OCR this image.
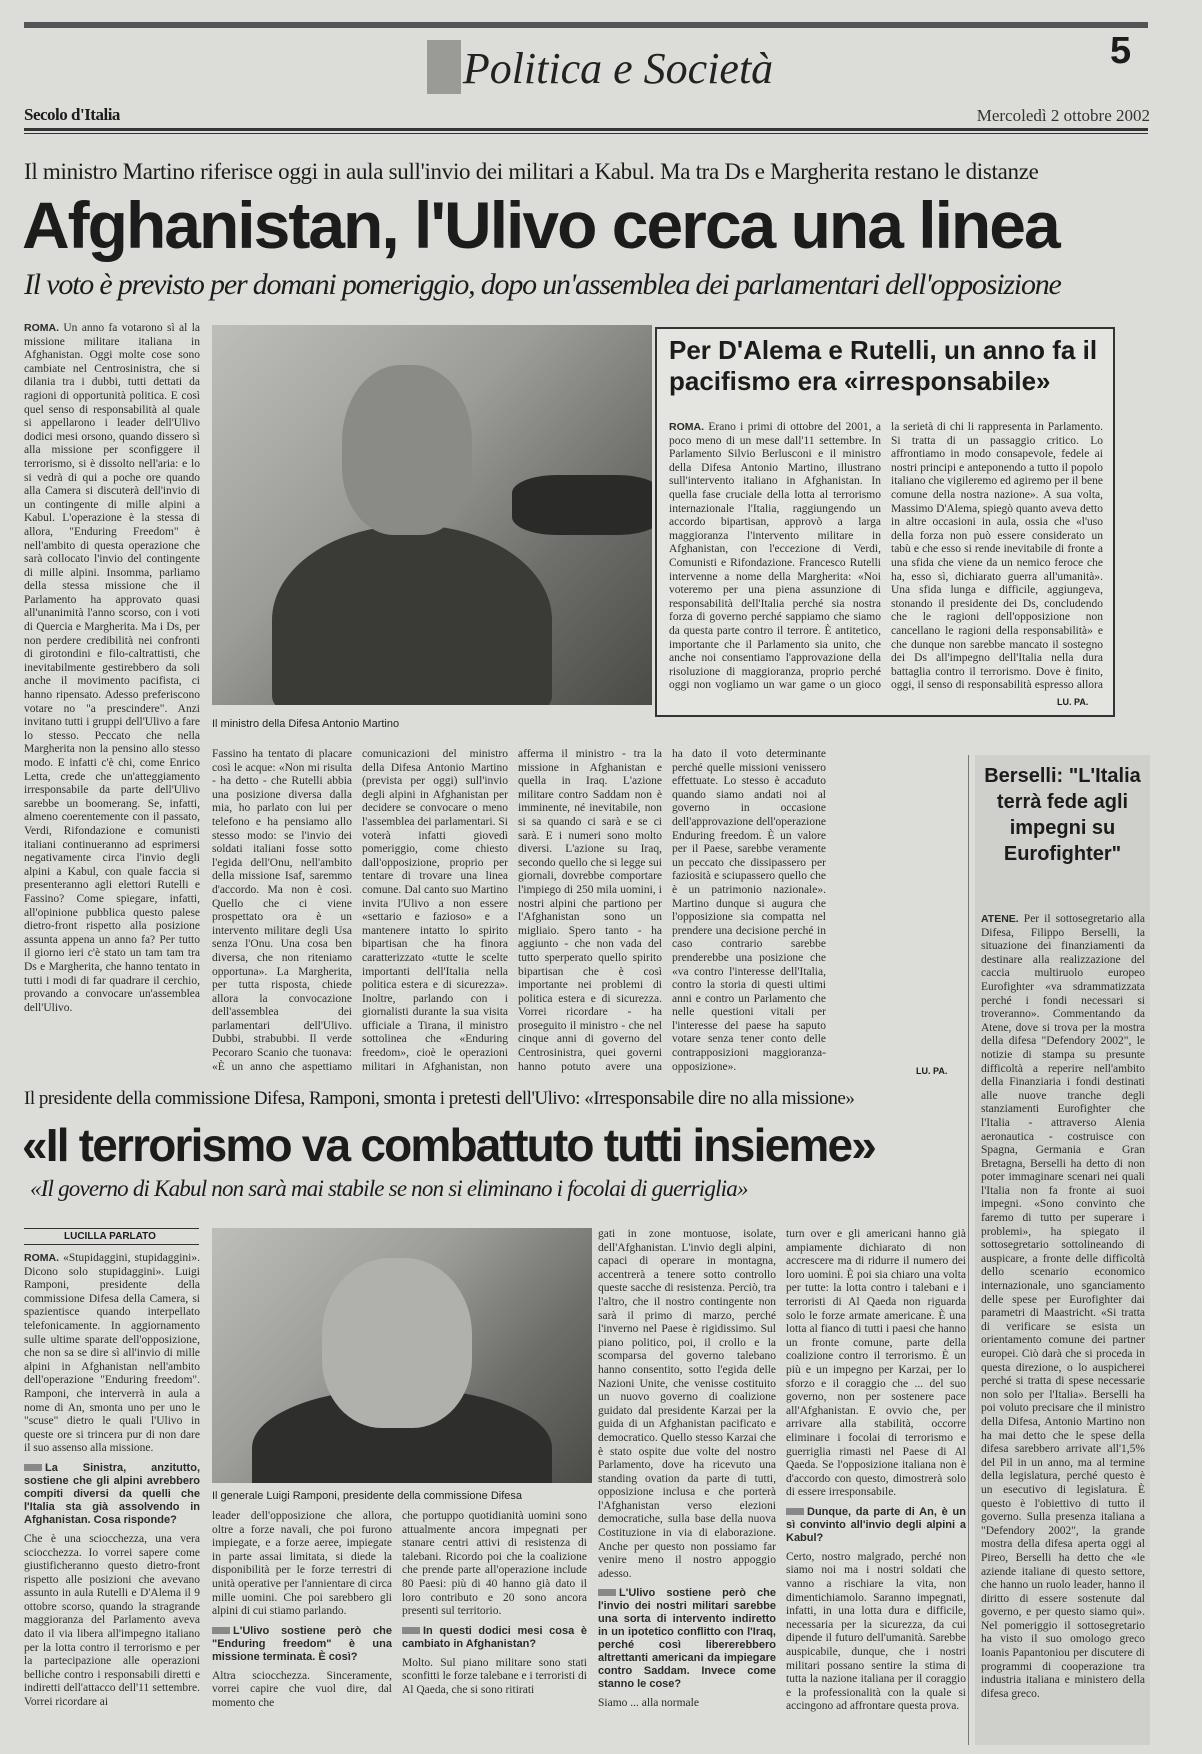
Politica e Società	5
Secolo d'Italia	Mercoledì 2 ottobre 2002
Il ministro Martino riferisce oggi in aula sull'invio dei militari a Kabul. Ma tra Ds e Margherita restano le distanze
Afghanistan, l'Ulivo cerca una linea
Il voto è previsto per domani pomeriggio, dopo un'assemblea dei parlamentari dell'opposizione
ROMA. Un anno fa votarono sì al la missione militare italiana in Afghanistan. Oggi molte cose sono cambiate nel Centrosinistra, che si dilania tra i dubbi, tutti dettati da ragioni di opportunità politica. E così quel senso di responsabilità al quale si appellarono i leader dell'Ulivo dodici mesi orsono, quando dissero sì alla missione per sconfiggere il terrorismo, si è dissolto nell'aria: e lo si vedrà di qui a poche ore quando alla Camera si discuterà dell'invio di un contingente di mille alpini a Kabul. L'operazione è la stessa di allora, "Enduring Freedom" è nell'ambito di questa operazione che sarà collocato l'invio del contingente di mille alpini. Insomma, parliamo della stessa missione che il Parlamento ha approvato quasi all'unanimità l'anno scorso, con i voti di Quercia e Margherita. Ma i Ds, per non perdere credibilità nei confronti di girotondini e filo-caltrattisti, che inevitabilmente gestirebbero da soli anche il movimento pacifista, ci hanno ripensato. Adesso preferiscono votare no "a prescindere". Anzi invitano tutti i gruppi dell'Ulivo a fare lo stesso. Peccato che nella Margherita non la pensino allo stesso modo. E infatti c'è chi, come Enrico Letta, crede che un'atteggiamento irresponsabile da parte dell'Ulivo sarebbe un boomerang. Se, infatti, almeno coerentemente con il passato, Verdi, Rifondazione e comunisti italiani continueranno ad esprimersi negativamente circa l'invio degli alpini a Kabul, con quale faccia si presenteranno agli elettori Rutelli e Fassino? Come spiegare, infatti, all'opinione pubblica questo palese dietro-front rispetto alla posizione assunta appena un anno fa? Per tutto il giorno ieri c'è stato un tam tam tra Ds e Margherita, che hanno tentato in tutti i modi di far quadrare il cerchio, provando a convocare un'assemblea dell'Ulivo.
Il ministro della Difesa Antonio Martino
Per D'Alema e Rutelli, un anno fa il pacifismo era «irresponsabile»
ROMA. Erano i primi di ottobre del 2001, a poco meno di un mese dall'11 settembre. In Parlamento Silvio Berlusconi e il ministro della Difesa Antonio Martino, illustrano sull'intervento italiano in Afghanistan. In quella fase cruciale della lotta al terrorismo internazionale l'Italia, raggiungendo un accordo bipartisan, approvò a larga maggioranza l'intervento militare in Afghanistan, con l'eccezione di Verdi, Comunisti e Rifondazione. Francesco Rutelli intervenne a nome della Margherita: «Noi voteremo per una piena assunzione di responsabilità dell'Italia perché sia nostra forza di governo perché sappiamo che siamo da questa parte contro il terrore. È antitetico, importante che il Parlamento sia unito, che anche noi consentiamo l'approvazione della risoluzione di maggioranza, proprio perché oggi non vogliamo un war game o un gioco
la serietà di chi li rappresenta in Parlamento. Si tratta di un passaggio critico. Lo affrontiamo in modo consapevole, fedele ai nostri principi e anteponendo a tutto il popolo italiano che vigileremo ed agiremo per il bene comune della nostra nazione». A sua volta, Massimo D'Alema, spiegò quanto aveva detto in altre occasioni in aula, ossia che «l'uso della forza non può essere considerato un tabù e che esso si rende inevitabile di fronte a una sfida che viene da un nemico feroce che ha, esso sì, dichiarato guerra all'umanità». Una sfida lunga e difficile, aggiungeva, stonando il presidente dei Ds, concludendo che le ragioni dell'opposizione non cancellano le ragioni della responsabilità» e che dunque non sarebbe mancato il sostegno dei Ds all'impegno dell'Italia nella dura battaglia contro il terrorismo. Dove è finito, oggi, il senso di responsabilità espresso allora
LU. PA.
Fassino ha tentato di placare così le acque: «Non mi risulta - ha detto - che Rutelli abbia una posizione diversa dalla mia, ho parlato con lui per telefono e ha pensiamo allo stesso modo: se l'invio dei soldati italiani fosse sotto l'egida dell'Onu, nell'ambito della missione Isaf, saremmo d'accordo. Ma non è così. Quello che ci viene prospettato ora è un intervento militare degli Usa senza l'Onu. Una cosa ben diversa, che non riteniamo opportuna». La Margherita, per tutta risposta, chiede allora la convocazione dell'assemblea dei parlamentari dell'Ulivo. Dubbi, strabubbi. Il verde Pecoraro Scanio che tuonava: «È un anno che aspettiamo
comunicazioni del ministro della Difesa Antonio Martino (prevista per oggi) sull'invio degli alpini in Afghanistan per decidere se convocare o meno l'assemblea dei parlamentari. Si voterà infatti giovedì pomeriggio, come chiesto dall'opposizione, proprio per tentare di trovare una linea comune. Dal canto suo Martino invita l'Ulivo a non essere «settario e fazioso» e a mantenere intatto lo spirito bipartisan che ha finora caratterizzato «tutte le scelte importanti dell'Italia nella politica estera e di sicurezza». Inoltre, parlando con i giornalisti durante la sua visita ufficiale a Tirana, il ministro sottolinea che «Enduring freedom», cioè le operazioni militari in Afghanistan, non
afferma il ministro - tra la missione in Afghanistan e quella in Iraq. L'azione militare contro Saddam non è imminente, né inevitabile, non si sa quando ci sarà e se ci sarà. E i numeri sono molto diversi. L'azione su Iraq, secondo quello che si legge sui giornali, dovrebbe comportare l'impiego di 250 mila uomini, i nostri alpini che partiono per l'Afghanistan sono un migliaio. Spero tanto - ha aggiunto - che non vada del tutto sperperato quello spirito bipartisan che è così importante nei problemi di politica estera e di sicurezza. Vorrei ricordare - ha proseguito il ministro - che nel cinque anni di governo del Centrosinistra, quei governi hanno potuto avere una
ha dato il voto determinante perché quelle missioni venissero effettuate. Lo stesso è accaduto quando siamo andati noi al governo in occasione dell'approvazione dell'operazione Enduring freedom. È un valore per il Paese, sarebbe veramente un peccato che dissipassero per faziosità e sciupassero quello che è un patrimonio nazionale». Martino dunque si augura che l'opposizione sia compatta nel prendere una decisione perché in caso contrario sarebbe prenderebbe una posizione che «va contro l'interesse dell'Italia, contro la storia di questi ultimi anni e contro un Parlamento che nelle questioni vitali per l'interesse del paese ha saputo votare senza tener conto delle contrapposizioni maggioranza-opposizione».	LU. PA.
Berselli: "L'Italia terrà fede agli impegni su Eurofighter"
ATENE. Per il sottosegretario alla Difesa, Filippo Berselli, la situazione dei finanziamenti da destinare alla realizzazione del caccia multiruolo europeo Eurofighter «va sdrammatizzata perché i fondi necessari si troveranno». Commentando da Atene, dove si trova per la mostra della difesa "Defendory 2002", le notizie di stampa su presunte difficoltà a reperire nell'ambito della Finanziaria i fondi destinati alle nuove tranche degli stanziamenti Eurofighter che l'Italia - attraverso Alenia aeronautica - costruisce con Spagna, Germania e Gran Bretagna, Berselli ha detto di non poter immaginare scenari nei quali l'Italia non fa fronte ai suoi impegni. «Sono convinto che faremo di tutto per superare i problemi», ha spiegato il sottosegretario sottolineando di auspicare, a fronte delle difficoltà dello scenario economico internazionale, uno sganciamento delle spese per Eurofighter dai parametri di Maastricht. «Si tratta di verificare se esista un orientamento comune dei partner europei. Ciò darà che si proceda in questa direzione, o lo auspicherei perché si tratta di spese necessarie non solo per l'Italia». Berselli ha poi voluto precisare che il ministro della Difesa, Antonio Martino non ha mai detto che le spese della difesa sarebbero arrivate all'1,5% del Pil in un anno, ma al termine della legislatura, perché questo è un esecutivo di legislatura. È questo è l'obiettivo di tutto il governo. Sulla presenza italiana a "Defendory 2002", la grande mostra della difesa aperta oggi al Pireo, Berselli ha detto che «le aziende italiane di questo settore, che hanno un ruolo leader, hanno il diritto di essere sostenute dal governo, e per questo siamo qui». Nel pomeriggio il sottosegretario ha visto il suo omologo greco Ioanis Papantoniou per discutere di programmi di cooperazione tra industria italiana e ministero della difesa greco.
Il presidente della commissione Difesa, Ramponi, smonta i pretesti dell'Ulivo: «Irresponsabile dire no alla missione»
«Il terrorismo va combattuto tutti insieme»
«Il governo di Kabul non sarà mai stabile se non si eliminano i focolai di guerriglia»
LUCILLA PARLATO
ROMA. «Stupidaggini, stupidaggini». Dicono solo stupidaggini». Luigi Ramponi, presidente della commissione Difesa della Camera, si spazientisce quando interpellato telefonicamente. In aggiornamento sulle ultime sparate dell'opposizione, che non sa se dire sì all'invio di mille alpini in Afghanistan nell'ambito dell'operazione "Enduring freedom". Ramponi, che interverrà in aula a nome di An, smonta uno per uno le "scuse" dietro le quali l'Ulivo in queste ore si trincera pur di non dare il suo assenso alla missione.
La Sinistra, anzitutto, sostiene che gli alpini avrebbero compiti diversi da quelli che l'Italia sta già assolvendo in Afghanistan. Cosa risponde?
Che è una sciocchezza, una vera sciocchezza. Io vorrei sapere come giustificheranno questo dietro-front rispetto alle posizioni che avevano assunto in aula Rutelli e D'Alema il 9 ottobre scorso, quando la stragrande maggioranza del Parlamento aveva dato il via libera all'impegno italiano per la lotta contro il terrorismo e per la partecipazione alle operazioni belliche contro i responsabili diretti e indiretti dell'attacco dell'11 settembre. Vorrei ricordare ai
Il generale Luigi Ramponi, presidente della commissione Difesa
leader dell'opposizione che allora, oltre a forze navali, che poi furono impiegate, e a forze aeree, impiegate in parte assai limitata, si diede la disponibilità per le forze terrestri di unità operative per l'annientare di circa mille uomini. Che poi sarebbero gli alpini di cui stiamo parlando.
L'Ulivo sostiene però che "Enduring freedom" è una missione terminata. È così?
Altra sciocchezza. Sinceramente, vorrei capire che vuol dire, dal momento che
che portuppo quotidianità uomini sono attualmente ancora impegnati per stanare centri attivi di resistenza di talebani. Ricordo poi che la coalizione che prende parte all'operazione include 80 Paesi: più di 40 hanno già dato il loro contributo e 20 sono ancora presenti sul territorio.
In questi dodici mesi cosa è cambiato in Afghanistan?
Molto. Sul piano militare sono stati sconfitti le forze talebane e i terroristi di Al Qaeda, che si sono ritirati
gati in zone montuose, isolate, dell'Afghanistan. L'invio degli alpini, capaci di operare in montagna, accentrerà a tenere sotto controllo queste sacche di resistenza. Perciò, tra l'altro, che il nostro contingente non sarà il primo di marzo, perché l'inverno nel Paese è rigidissimo. Sul piano politico, poi, il crollo e la scomparsa del governo talebano hanno consentito, sotto l'egida delle Nazioni Unite, che venisse costituito un nuovo governo di coalizione guidato dal presidente Karzai per la guida di un Afghanistan pacificato e democratico. Quello stesso Karzai che è stato ospite due volte del nostro Parlamento, dove ha ricevuto una standing ovation da parte di tutti, opposizione inclusa e che porterà l'Afghanistan verso elezioni democratiche, sulla base della nuova Costituzione in via di elaborazione. Anche per questo non possiamo far venire meno il nostro appoggio adesso.
L'Ulivo sostiene però che l'invio dei nostri militari sarebbe una sorta di intervento indiretto in un ipotetico conflitto con l'Iraq, perché così libererebbero altrettanti americani da impiegare contro Saddam. Invece come stanno le cose?
Siamo ... alla normale
turn over e gli americani hanno già ampiamente dichiarato di non accrescere ma di ridurre il numero dei loro uomini. È poi sia chiaro una volta per tutte: la lotta contro i talebani e i terroristi di Al Qaeda non riguarda solo le forze armate americane. È una lotta al fianco di tutti i paesi che hanno un fronte comune, parte della coalizione contro il terrorismo. È un più e un impegno per Karzai, per lo sforzo e il coraggio che ... del suo governo, non per sostenere pace all'Afghanistan. E ovvio che, per arrivare alla stabilità, occorre eliminare i focolai di terrorismo e guerriglia rimasti nel Paese di Al Qaeda. Se l'opposizione italiana non è d'accordo con questo, dimostrerà solo di essere irresponsabile.
Dunque, da parte di An, è un sì convinto all'invio degli alpini a Kabul?
Certo, nostro malgrado, perché non siamo noi ma i nostri soldati che vanno a rischiare la vita, non dimentichiamolo. Saranno impegnati, infatti, in una lotta dura e difficile, necessaria per la sicurezza, da cui dipende il futuro dell'umanità. Sarebbe auspicabile, dunque, che i nostri militari possano sentire la stima di tutta la nazione italiana per il coraggio e la professionalità con la quale si accingono ad affrontare questa prova.
